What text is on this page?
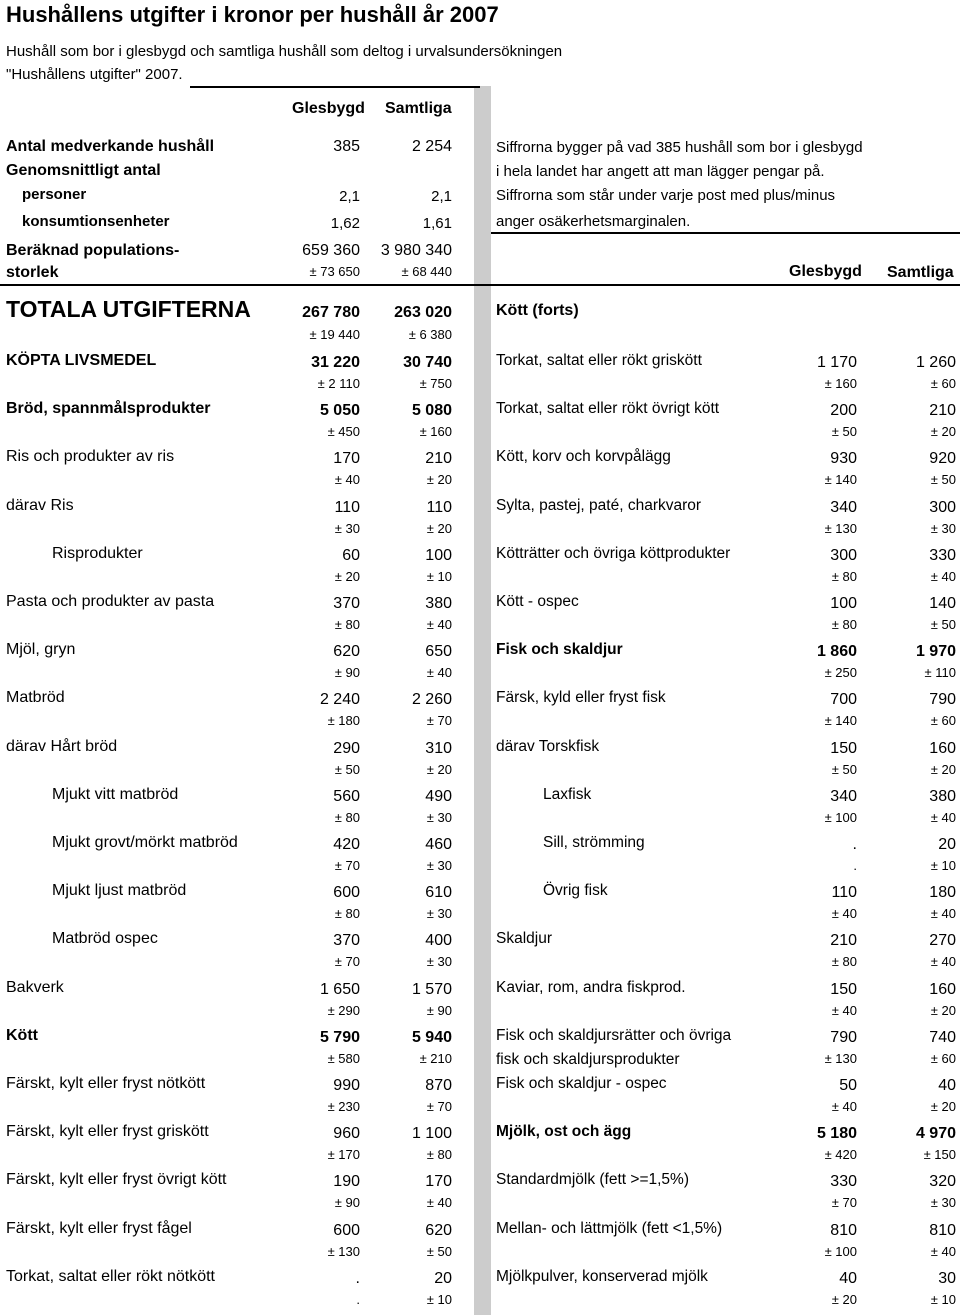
Hushållens utgifter i kronor per hushåll år 2007
Hushåll som bor i glesbygd och samtliga hushåll som deltog i urvalsundersökningen
"Hushållens utgifter" 2007.
Glesbygd Samtliga
Siffrorna bygger på vad 385 hushåll som bor i glesbygd
i hela landet har angett att man lägger pengar på.
Siffrorna som står under varje post med plus/minus
anger osäkerhetsmarginalen.
Glesbygd Samtliga
TOTALA UTGIFTERNA	267 780	263 020
± 19 440	± 6 380
Kött (forts)
Antal medverkande hushåll	385	2 254
Genomsnittligt antal
personer	2,1	2,1
konsumtionsenheter	1,62	1,61
Beräknad populations-	659 360	3 980 340
storlek	± 73 650	± 68 440
KÖPTA LIVSMEDEL	31 220	30 740
± 2 110	± 750
Bröd, spannmålsprodukter	5 050	5 080
± 450	± 160
Ris och produkter av ris	170	210
± 40	± 20
därav Ris	110	110
± 30	± 20
Risprodukter	60	100
± 20	± 10
Pasta och produkter av pasta	370	380
± 80	± 40
Mjöl, gryn	620	650
± 90	± 40
Matbröd	2 240	2 260
± 180	± 70
därav Hårt bröd	290	310
± 50	± 20
Mjukt vitt matbröd	560	490
± 80	± 30
Mjukt grovt/mörkt matbröd	420	460
± 70	± 30
Mjukt ljust matbröd	600	610
± 80	± 30
Matbröd ospec	370	400
± 70	± 30
Bakverk	1 650	1 570
± 290	± 90
Kött	5 790	5 940
± 580	± 210
Färskt, kylt eller fryst nötkött	990	870
± 230	± 70
Färskt, kylt eller fryst griskött	960	1 100
± 170	± 80
Färskt, kylt eller fryst övrigt kött	190	170
± 90	± 40
Färskt, kylt eller fryst fågel	600	620
± 130	± 50
Torkat, saltat eller rökt nötkött	.	20
.	± 10
Torkat, saltat eller rökt griskött	1 170	1 260
± 160	± 60
Torkat, saltat eller rökt övrigt kött	200	210
± 50	± 20
Kött, korv och korvpålägg	930	920
± 140	± 50
Sylta, pastej, paté, charkvaror	340	300
± 130	± 30
Kötträtter och övriga köttprodukter	300	330
± 80	± 40
Kött - ospec	100	140
± 80	± 50
Fisk och skaldjur	1 860	1 970
± 250	± 110
Färsk, kyld eller fryst fisk	700	790
± 140	± 60
därav Torskfisk	150	160
± 50	± 20
Laxfisk	340	380
± 100	± 40
Sill, strömming	.	20
.	± 10
Övrig fisk	110	180
± 40	± 40
Skaldjur	210	270
± 80	± 40
Kaviar, rom, andra fiskprod.	150	160
± 40	± 20
Fisk och skaldjursrätter och övriga
fisk och skaldjursprodukter
790	740
± 130	± 60
Fisk och skaldjur - ospec	50	40
± 40	± 20
Mjölk, ost och ägg	5 180	4 970
± 420	± 150
Standardmjölk (fett >=1,5%)	330	320
± 70	± 30
Mellan- och lättmjölk (fett <1,5%)	810	810
± 100	± 40
Mjölkpulver, konserverad mjölk	40	30
± 20	± 10
